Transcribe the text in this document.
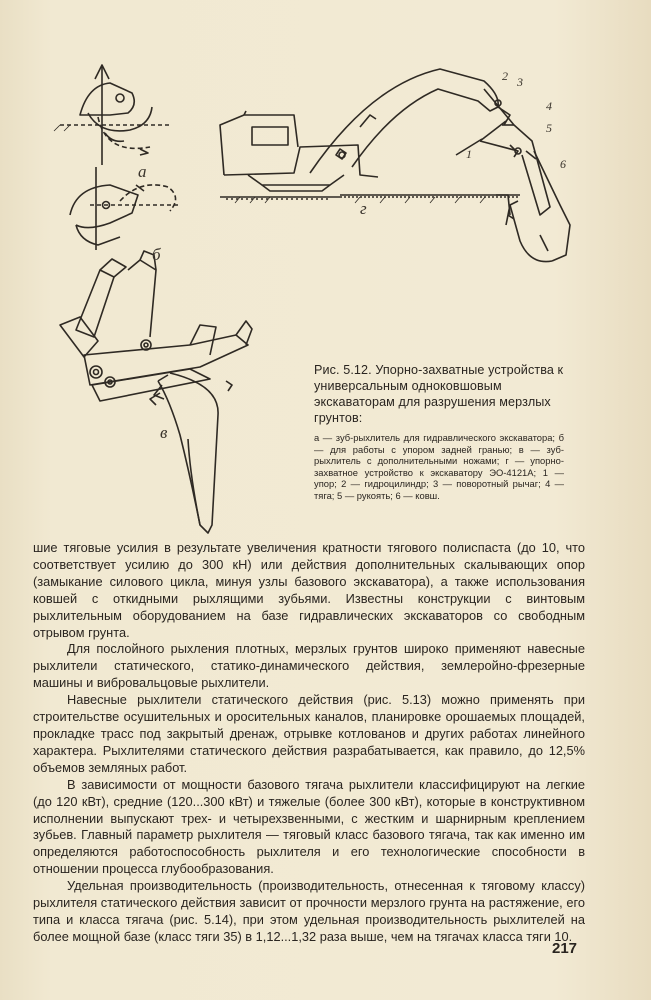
а
б
в
г
1
2 3
4
5
6
Рис. 5.12. Упорно-захватные устройства к универсальным одноковшовым экскаваторам для разрушения мерзлых грунтов:
а — зуб-рыхлитель для гидравлического экскаватора; б — для работы с упором задней гранью; в — зуб-рыхлитель с дополнительными ножами; г — упорно-захватное устройство к экскаватору ЭО-4121А; 1 — упор; 2 — гидроцилиндр; 3 — поворотный рычаг; 4 — тяга; 5 — рукоять; 6 — ковш.

шие тяговые усилия в результате увеличения кратности тягового полиспаста (до 10, что соответствует усилию до 300 кН) или действия дополнительных скалывающих опор (замыкание силового цикла, минуя узлы базового экскаватора), а также использования ковшей с откидными рыхлящими зубьями. Известны конструкции с винтовым рыхлительным оборудованием на базе гидравлических экскаваторов со свободным отрывом грунта.

Для послойного рыхления плотных, мерзлых грунтов широко применяют навесные рыхлители статического, статико-динамического действия, землеройно-фрезерные машины и вибровальцовые рыхлители.

Навесные рыхлители статического действия (рис. 5.13) можно применять при строительстве осушительных и оросительных каналов, планировке орошаемых площадей, прокладке трасс под закрытый дренаж, отрывке котлованов и других работах линейного характера. Рыхлителями статического действия разрабатывается, как правило, до 12,5% объемов земляных работ.

В зависимости от мощности базового тягача рыхлители классифицируют на легкие (до 120 кВт), средние (120...300 кВт) и тяжелые (более 300 кВт), которые в конструктивном исполнении выпускают трех- и четырехзвенными, с жестким и шарнирным креплением зубьев. Главный параметр рыхлителя — тяговый класс базового тягача, так как именно им определяются работоспособность рыхлителя и его технологические способности в отношении процесса глубообразования.

Удельная производительность (производительность, отнесенная к тяговому классу) рыхлителя статического действия зависит от прочности мерзлого грунта на растяжение, его типа и класса тягача (рис. 5.14), при этом удельная производительность рыхлителей на более мощной базе (класс тяги 35) в 1,12...1,32 раза выше, чем на тягачах класса тяги 10.

217
